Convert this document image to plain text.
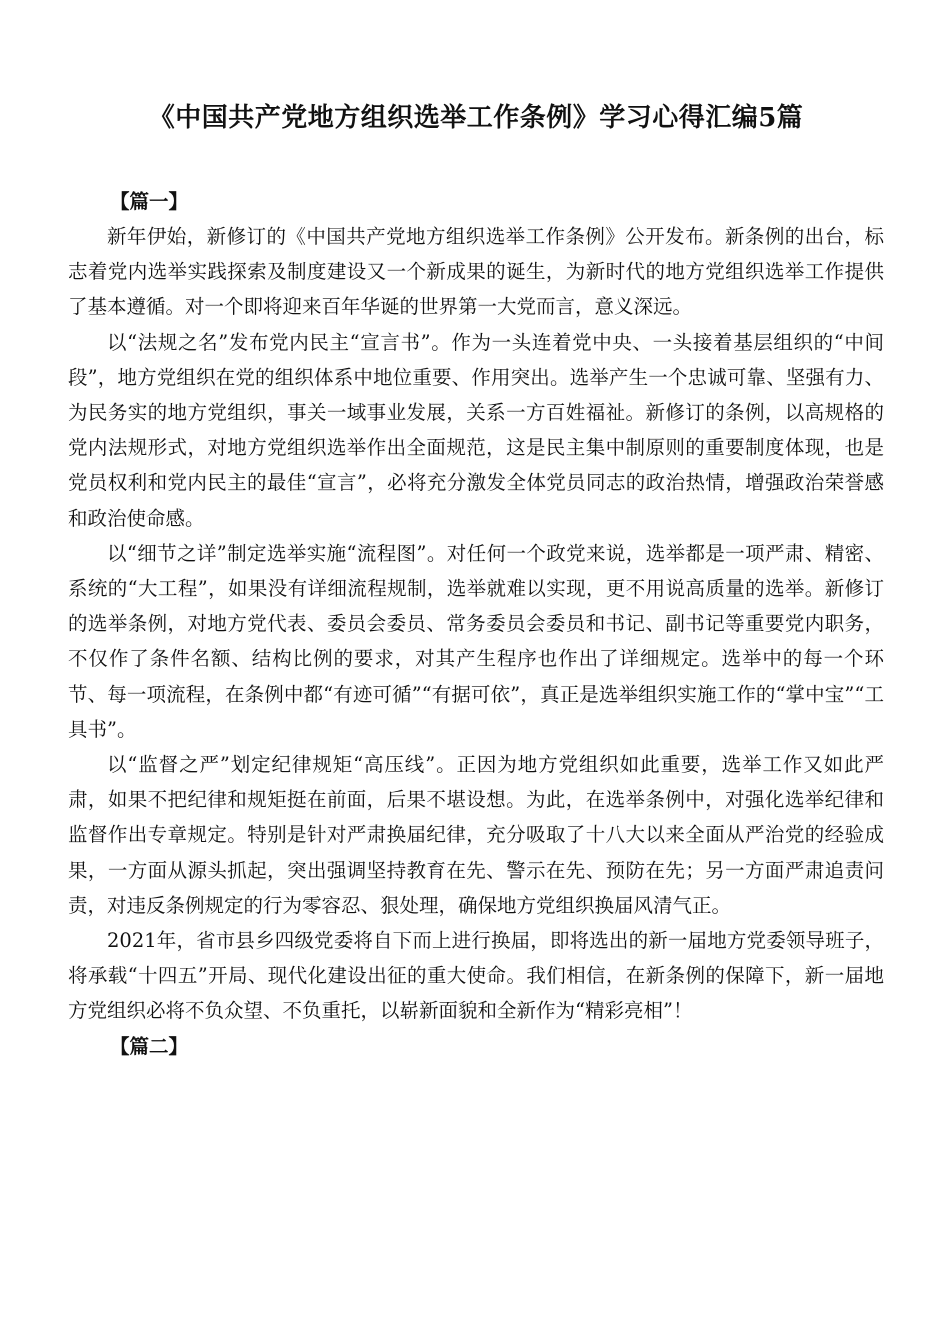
《中国共产党地方组织选举工作条例》学习心得汇编5篇

【篇一】

新年伊始，新修订的《中国共产党地方组织选举工作条例》公开发布。新条例的出台，标志着党内选举实践探索及制度建设又一个新成果的诞生，为新时代的地方党组织选举工作提供了基本遵循。对一个即将迎来百年华诞的世界第一大党而言，意义深远。

以“法规之名”发布党内民主“宣言书”。作为一头连着党中央、一头接着基层组织的“中间段”，地方党组织在党的组织体系中地位重要、作用突出。选举产生一个忠诚可靠、坚强有力、为民务实的地方党组织，事关一域事业发展，关系一方百姓福祉。新修订的条例，以高规格的党内法规形式，对地方党组织选举作出全面规范，这是民主集中制原则的重要制度体现，也是党员权利和党内民主的最佳“宣言”，必将充分激发全体党员同志的政治热情，增强政治荣誉感和政治使命感。

以“细节之详”制定选举实施“流程图”。对任何一个政党来说，选举都是一项严肃、精密、系统的“大工程”，如果没有详细流程规制，选举就难以实现，更不用说高质量的选举。新修订的选举条例，对地方党代表、委员会委员、常务委员会委员和书记、副书记等重要党内职务，不仅作了条件名额、结构比例的要求，对其产生程序也作出了详细规定。选举中的每一个环节、每一项流程，在条例中都“有迹可循”“有据可依”，真正是选举组织实施工作的“掌中宝”“工具书”。

以“监督之严”划定纪律规矩“高压线”。正因为地方党组织如此重要，选举工作又如此严肃，如果不把纪律和规矩挺在前面，后果不堪设想。为此，在选举条例中，对强化选举纪律和监督作出专章规定。特别是针对严肃换届纪律，充分吸取了十八大以来全面从严治党的经验成果，一方面从源头抓起，突出强调坚持教育在先、警示在先、预防在先；另一方面严肃追责问责，对违反条例规定的行为零容忍、狠处理，确保地方党组织换届风清气正。

2021年，省市县乡四级党委将自下而上进行换届，即将选出的新一届地方党委领导班子，将承载“十四五”开局、现代化建设出征的重大使命。我们相信，在新条例的保障下，新一届地方党组织必将不负众望、不负重托，以崭新面貌和全新作为“精彩亮相”！

【篇二】
